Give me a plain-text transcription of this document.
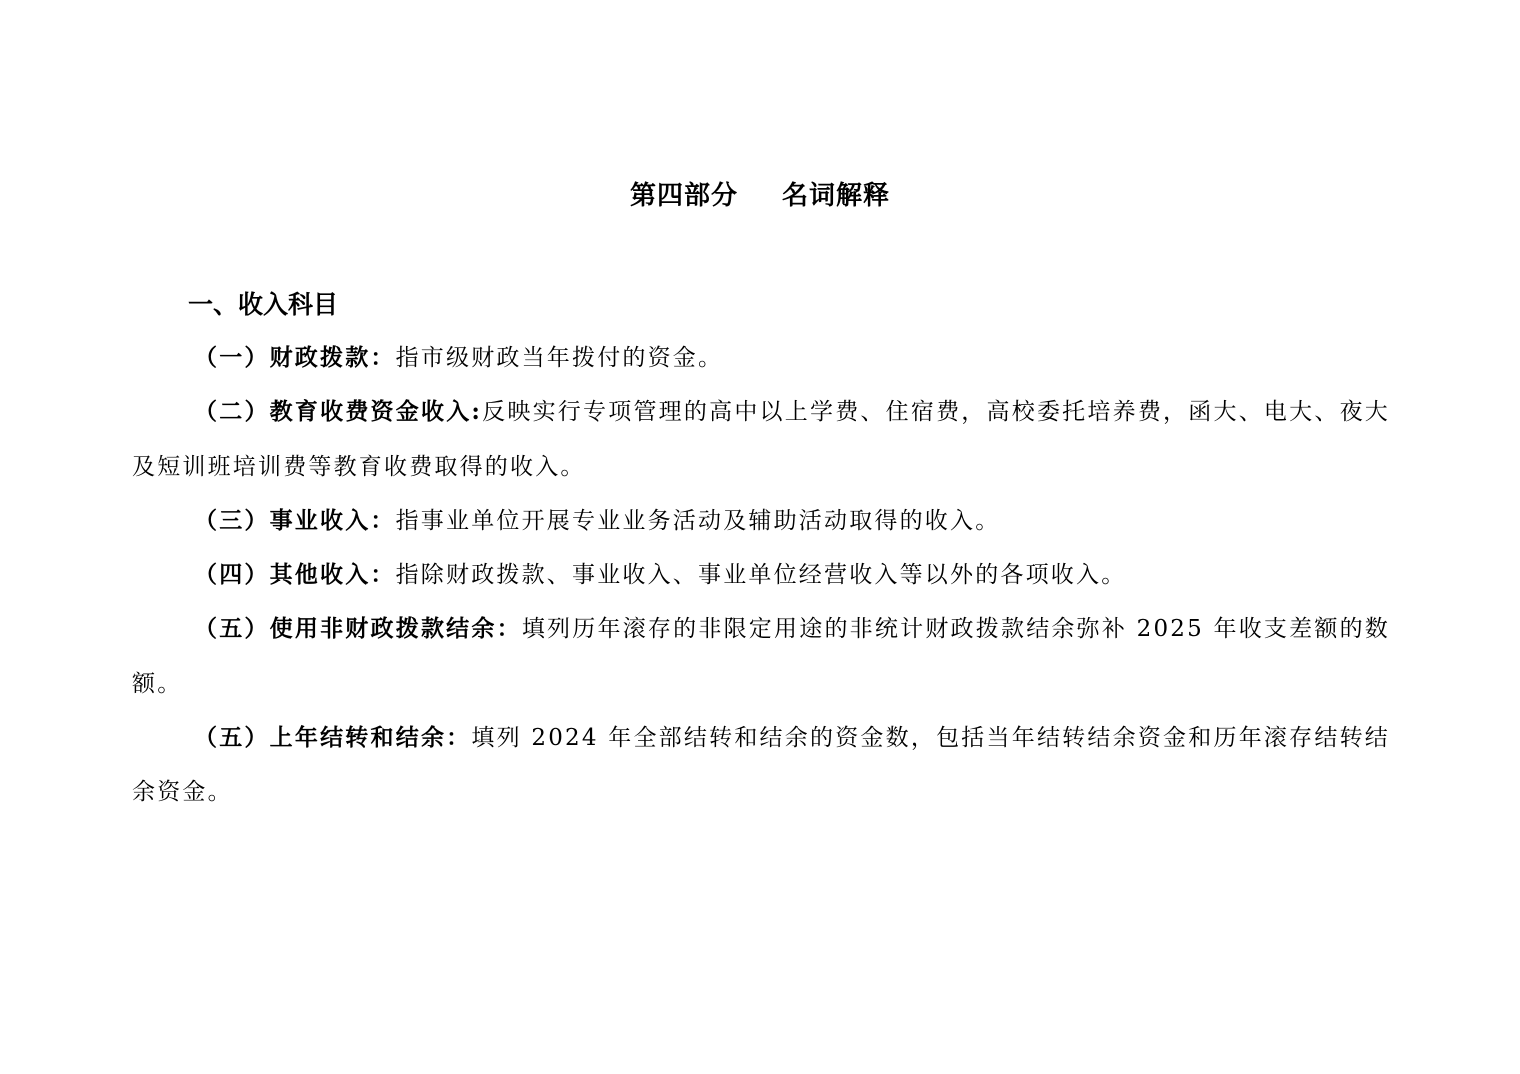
第四部分 名词解释
一、收入科目

（一）财政拨款：指市级财政当年拨付的资金。

（二）教育收费资金收入:反映实行专项管理的高中以上学费、住宿费，高校委托培养费，函大、电大、夜大及短训班培训费等教育收费取得的收入。

（三）事业收入：指事业单位开展专业业务活动及辅助活动取得的收入。

（四）其他收入：指除财政拨款、事业收入、事业单位经营收入等以外的各项收入。

（五）使用非财政拨款结余：填列历年滚存的非限定用途的非统计财政拨款结余弥补 2025 年收支差额的数额。

（五）上年结转和结余：填列 2024 年全部结转和结余的资金数，包括当年结转结余资金和历年滚存结转结余资金。
